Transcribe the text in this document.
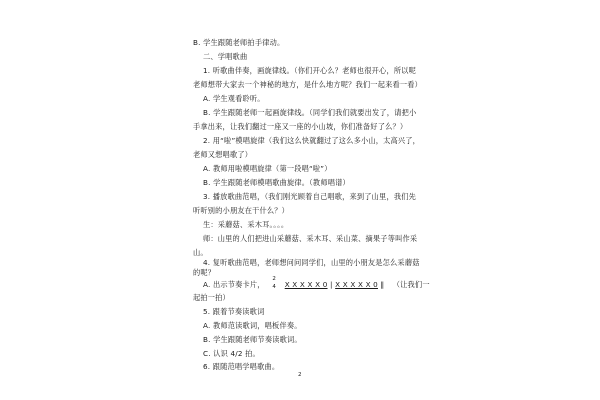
B. 学生跟随老师拍手律动。
二、学唱歌曲
1. 听歌曲伴奏，画旋律线。（你们开心么？老师也很开心，所以呢
老师想带大家去一个神秘的地方，是什么地方呢？我们一起来看一看）
A. 学生观看聆听。
B. 学生跟随老师一起画旋律线。（同学们我们就要出发了，请把小
手拿出来，让我们翻过一座又一座的小山坡，你们准备好了么？）
2. 用“啦”模唱旋律（我们这么快就翻过了这么多小山，太高兴了，
老师又想唱歌了）
A. 教师用啦模唱旋律（第一段唱“啦”）
B. 学生跟随老师模唱歌曲旋律。（教师唱谱）
3. 播放歌曲范唱，（我们刚光顾着自己唱歌，来到了山里，我们先
听听别的小朋友在干什么？）
生：采蘑菇、采木耳。。。。
师：山里的人们把进山采蘑菇、采木耳、采山菜、摘果子等叫作采
山。
4. 复听歌曲范唱，老师想问问同学们，山里的小朋友是怎么采蘑菇
的呢？
A. 出示节奏卡片，
2
4 X X X X X 0 | X X X X X 0 ‖ （让我们一
起拍一拍）
5. 跟着节奏读歌词
A. 教师范读歌词，唱板伴奏。
B. 学生跟随老师节奏读歌词。
C. 认识 4/2 拍。
6. 跟随范唱学唱歌曲。
2
